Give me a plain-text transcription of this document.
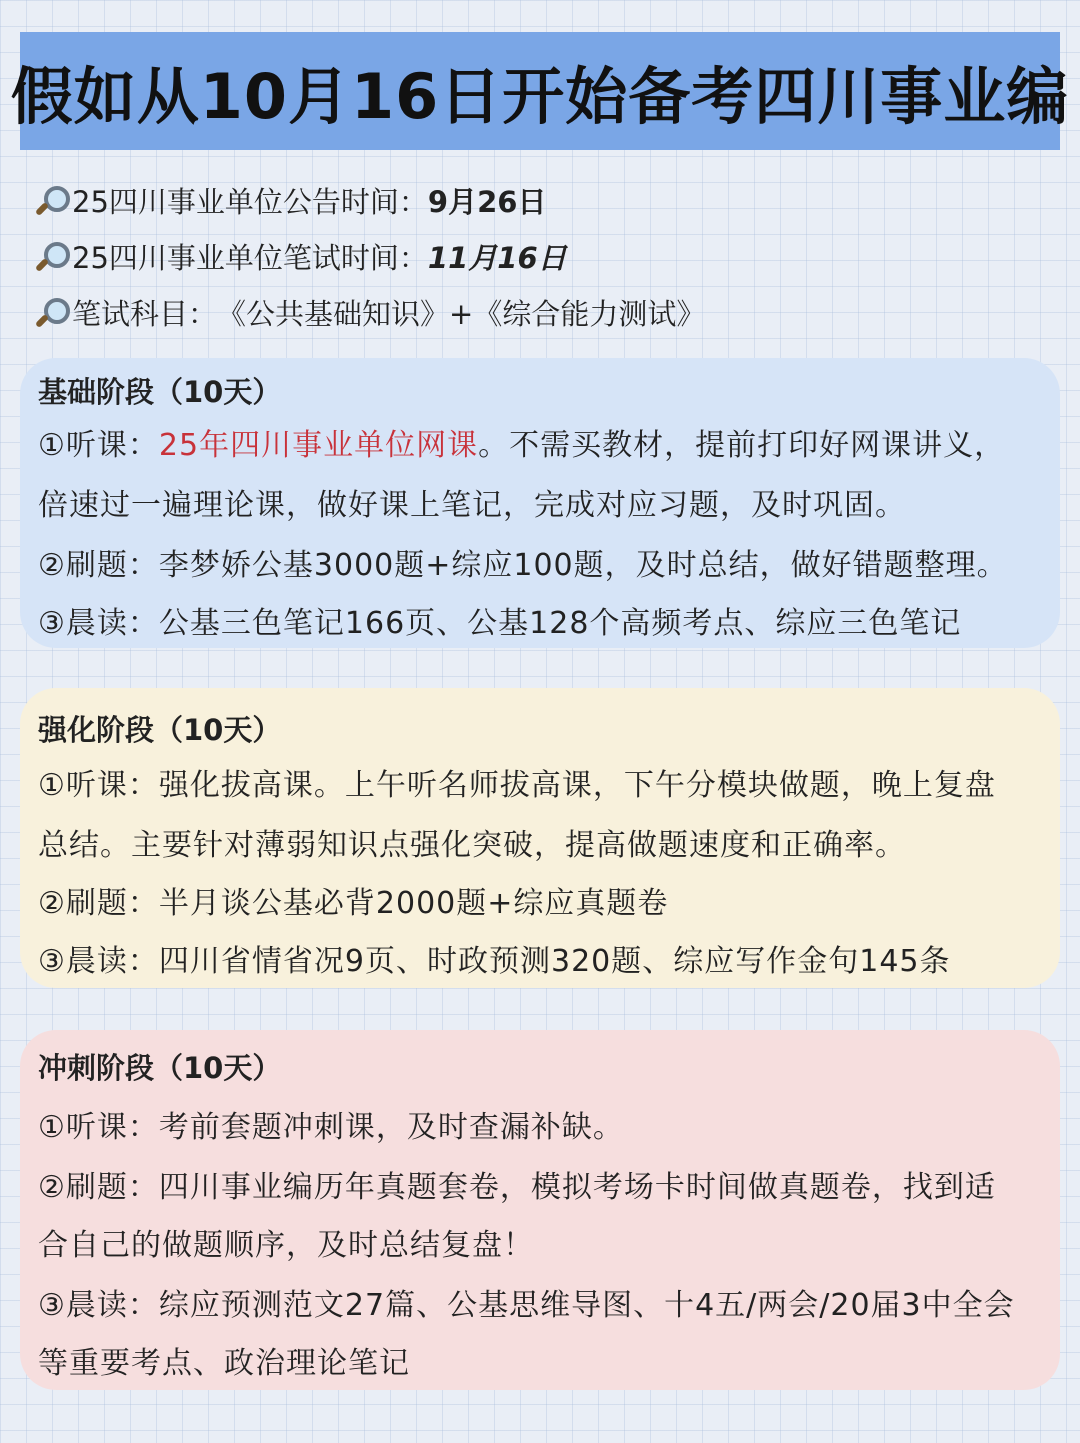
假如从10月16日开始备考四川事业编
25四川事业单位公告时间： 9月26日
25四川事业单位笔试时间： 11月16日
笔试科目： 《公共基础知识》+《综合能力测试》
基础阶段（10天）
①听课：25年四川事业单位网课。不需买教材，提前打印好网课讲义，
倍速过一遍理论课，做好课上笔记，完成对应习题，及时巩固。
②刷题：李梦娇公基3000题+综应100题，及时总结，做好错题整理。
③晨读：公基三色笔记166页、公基128个高频考点、综应三色笔记
强化阶段（10天）
①听课：强化拔高课。上午听名师拔高课，下午分模块做题，晚上复盘
总结。主要针对薄弱知识点强化突破，提高做题速度和正确率。
②刷题：半月谈公基必背2000题+综应真题卷
③晨读：四川省情省况9页、时政预测320题、综应写作金句145条
冲刺阶段（10天）
①听课：考前套题冲刺课，及时查漏补缺。
②刷题：四川事业编历年真题套卷，模拟考场卡时间做真题卷，找到适
合自己的做题顺序，及时总结复盘！
③晨读：综应预测范文27篇、公基思维导图、十4五/两会/20届3中全会
等重要考点、政治理论笔记
